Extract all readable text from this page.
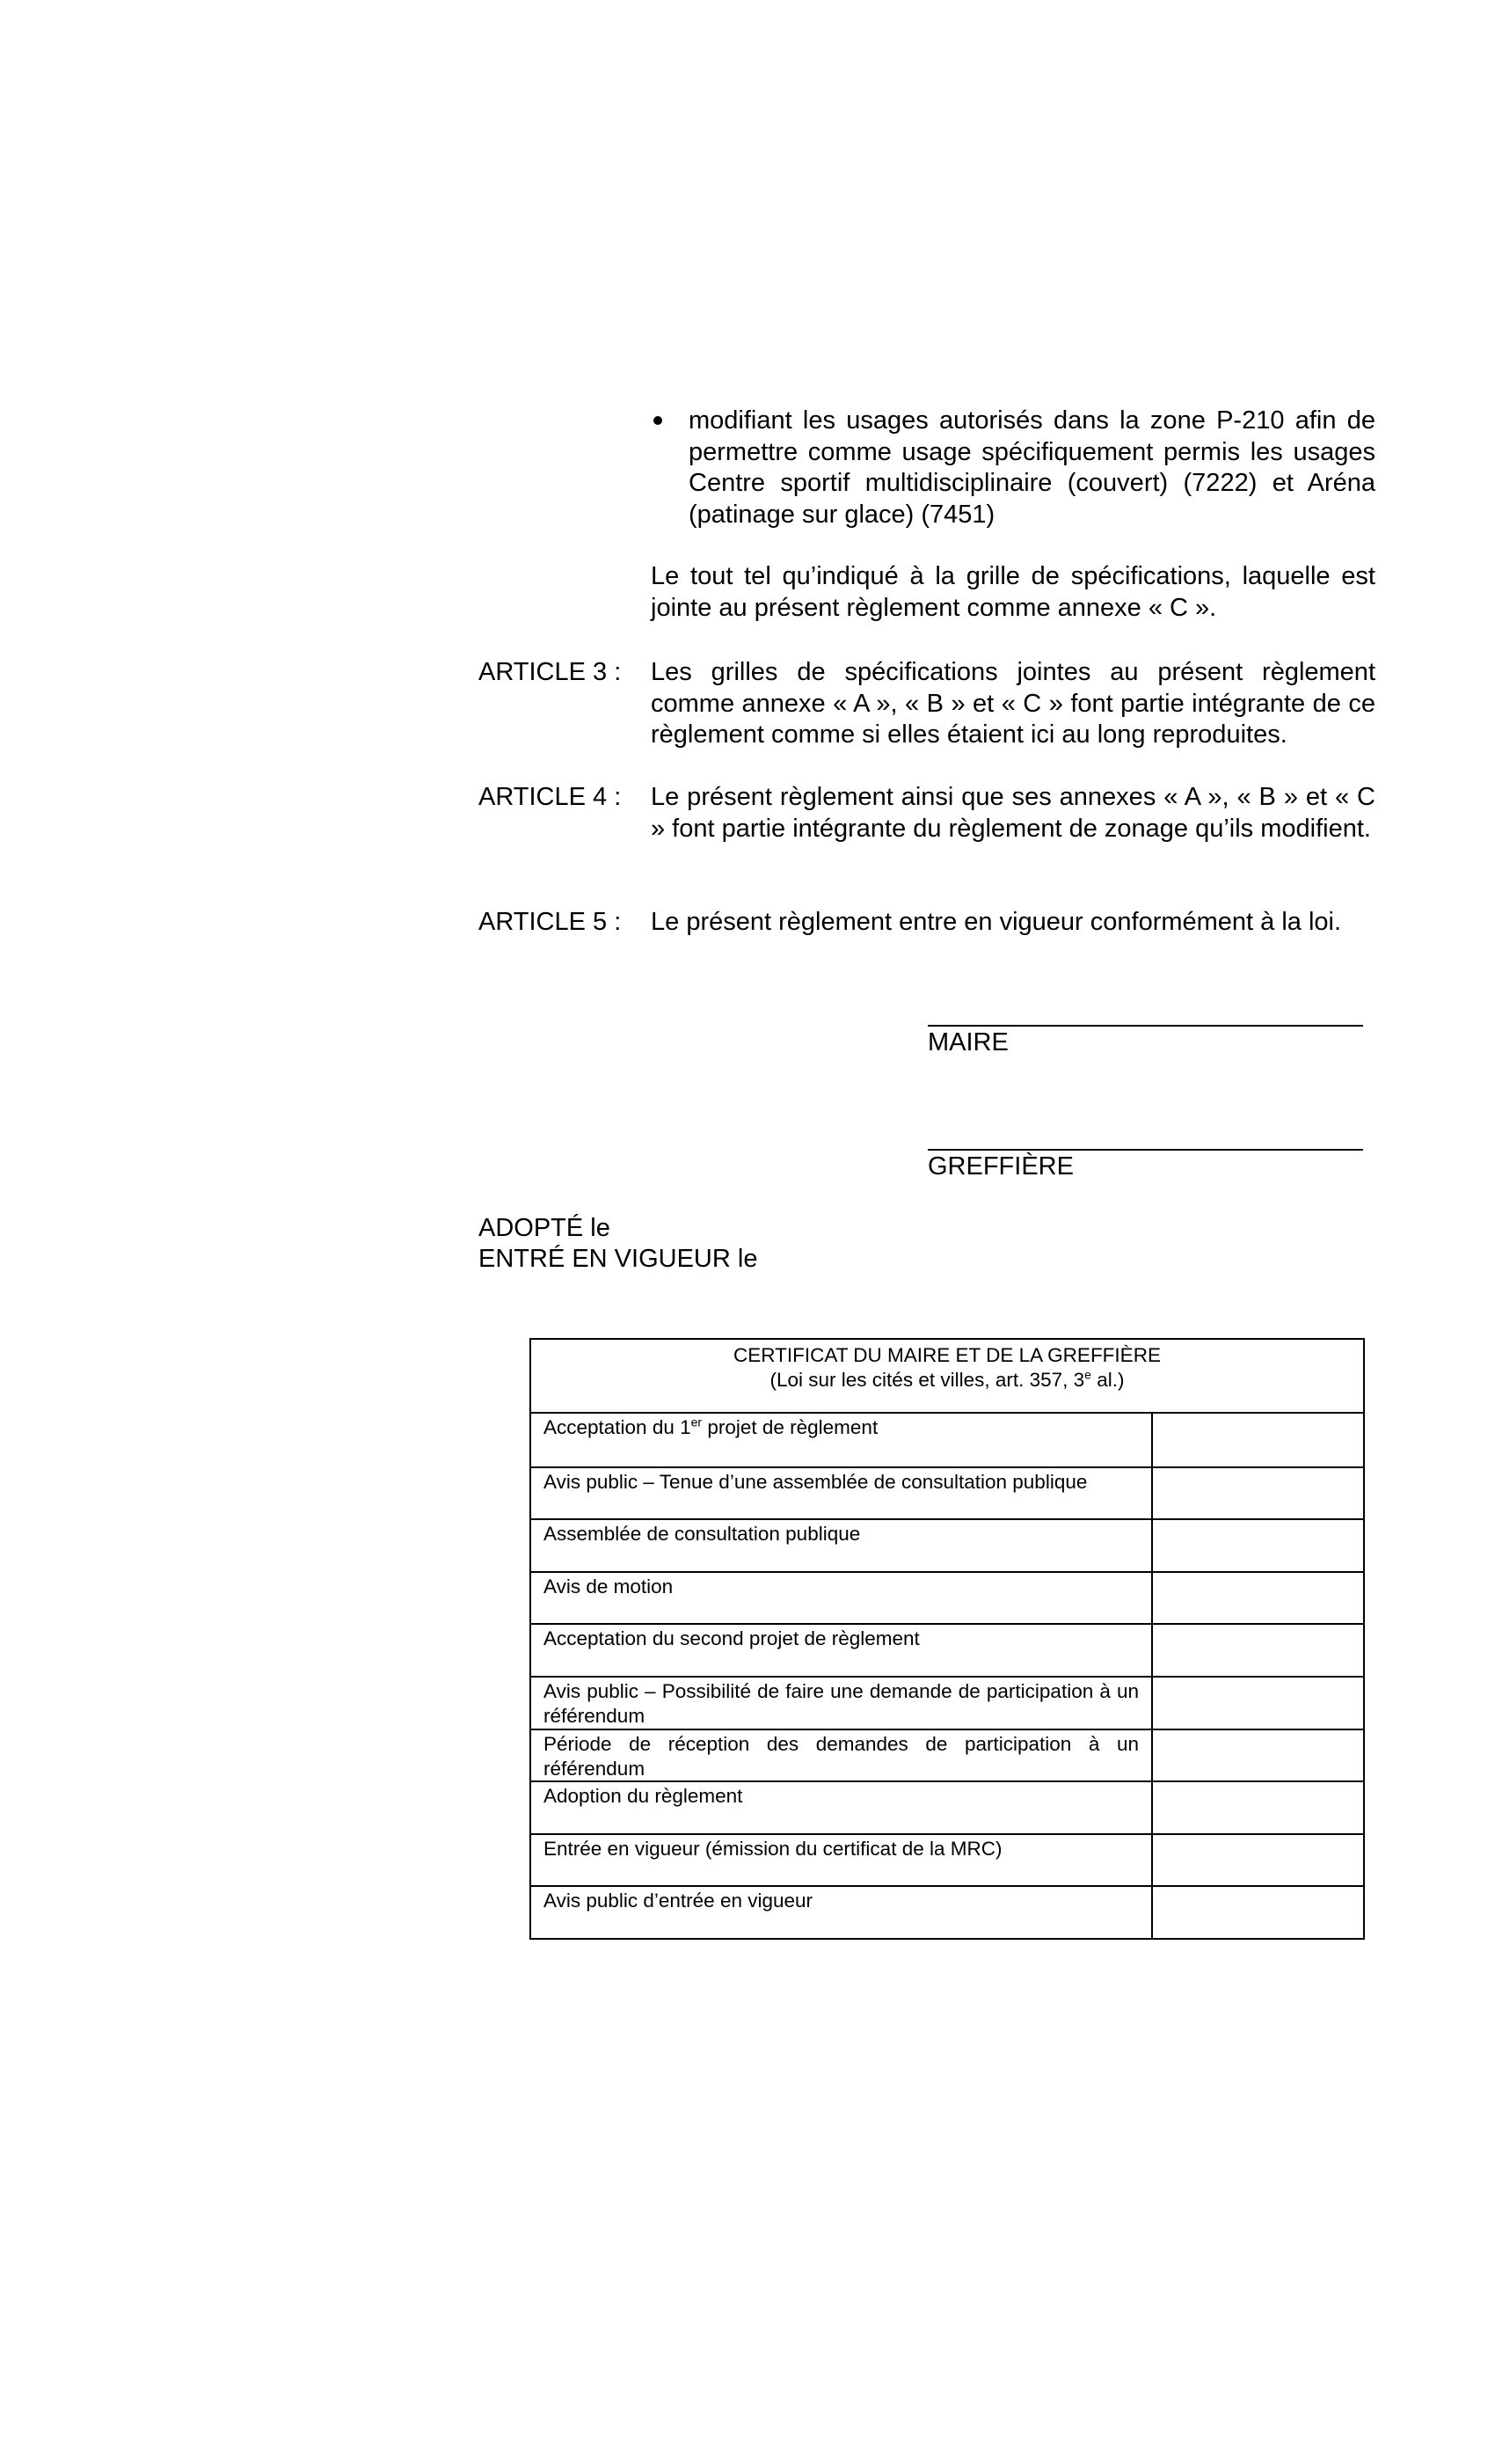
modifiant les usages autorisés dans la zone P-210 afin de permettre comme usage spécifiquement permis les usages Centre sportif multidisciplinaire (couvert) (7222) et Aréna (patinage sur glace) (7451)
Le tout tel qu’indiqué à la grille de spécifications, laquelle est jointe au présent règlement comme annexe « C ».
ARTICLE 3 :	Les grilles de spécifications jointes au présent règlement comme annexe « A », « B » et « C » font partie intégrante de ce règlement comme si elles étaient ici au long reproduites.
ARTICLE 4 :	Le présent règlement ainsi que ses annexes « A », « B » et « C » font partie intégrante du règlement de zonage qu’ils modifient.
ARTICLE 5 :	Le présent règlement entre en vigueur conformément à la loi.
MAIRE
GREFFIÈRE
ADOPTÉ le
ENTRÉ EN VIGUEUR le
CERTIFICAT DU MAIRE ET DE LA GREFFIÈRE
(Loi sur les cités et villes, art. 357, 3e al.)
Acceptation du 1er projet de règlement
Avis public – Tenue d’une assemblée de consultation publique
Assemblée de consultation publique
Avis de motion
Acceptation du second projet de règlement
Avis public – Possibilité de faire une demande de participation à un référendum
Période de réception des demandes de participation à un référendum
Adoption du règlement
Entrée en vigueur (émission du certificat de la MRC)
Avis public d’entrée en vigueur
